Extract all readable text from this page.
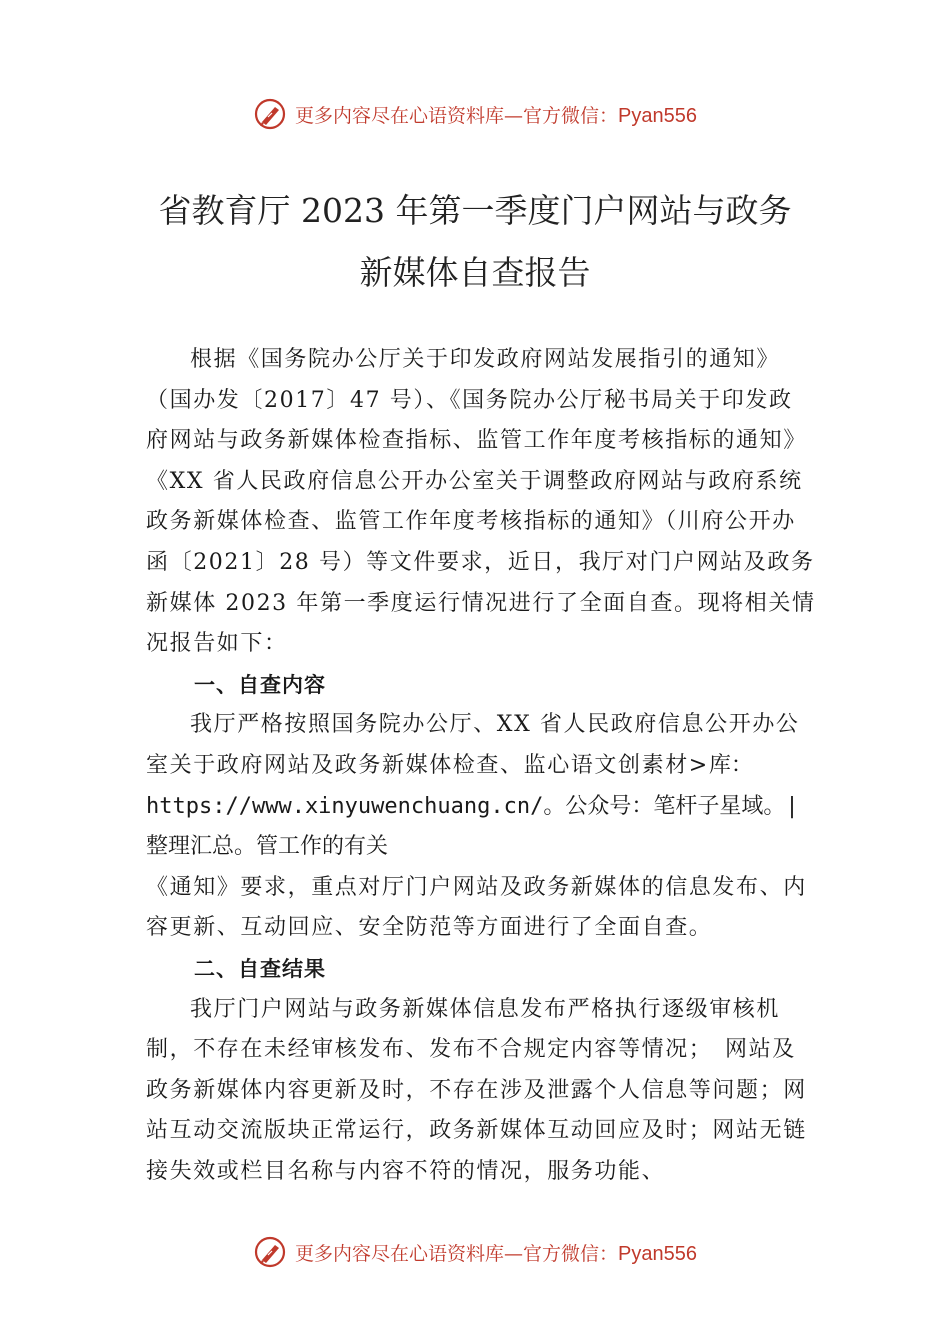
更多内容尽在心语资料库—官方微信：Pyan556
省教育厅 2023 年第一季度门户网站与政务
新媒体自查报告

根据《国务院办公厅关于印发政府网站发展指引的通知》（国办发〔2017〕47 号）、《国务院办公厅秘书局关于印发政府网站与政务新媒体检查指标、监管工作年度考核指标的通知》《XX 省人民政府信息公开办公室关于调整政府网站与政府系统政务新媒体检查、监管工作年度考核指标的通知》（川府公开办函〔2021〕28 号）等文件要求，近日，我厅对门户网站及政务新媒体 2023 年第一季度运行情况进行了全面自查。现将相关情况报告如下：

一、自查内容

我厅严格按照国务院办公厅、XX 省人民政府信息公开办公室关于政府网站及政务新媒体检查、监心语文创素材>库：https://www.xinyuwenchuang.cn/。公众号：笔杆子星域。|整理汇总。管工作的有关
《通知》要求，重点对厅门户网站及政务新媒体的信息发布、内容更新、互动回应、安全防范等方面进行了全面自查。

二、自查结果

我厅门户网站与政务新媒体信息发布严格执行逐级审核机制，不存在未经审核发布、发布不合规定内容等情况；　网站及政务新媒体内容更新及时，不存在涉及泄露个人信息等问题；网站互动交流版块正常运行，政务新媒体互动回应及时；网站无链接失效或栏目名称与内容不符的情况，服务功能、

更多内容尽在心语资料库—官方微信：Pyan556
